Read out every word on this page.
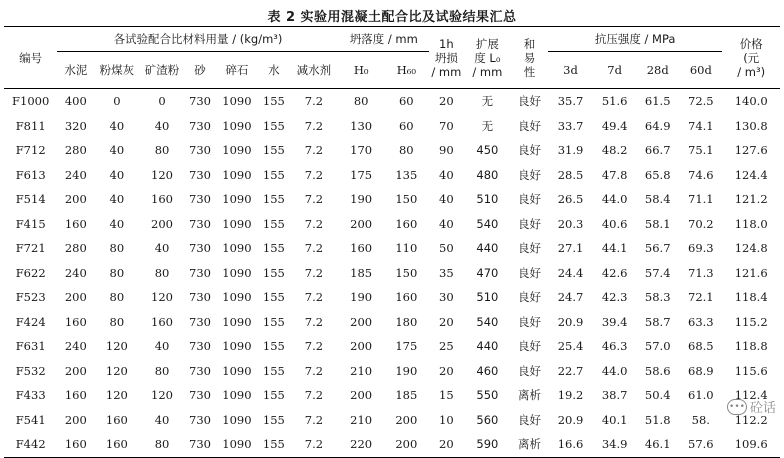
表 2 实验用混凝土配合比及试验结果汇总
编号	各试验配合比材料用量 / (kg/m³)							坍落度 / mm		1h
坍损
/ mm	扩展
度 L₀
/ mm	和
易
性	抗压强度 / MPa				价格
(元
/ m³)
	水泥	粉煤灰	矿渣粉	砂	碎石	水	减水剂	H₀	H₆₀				3d	7d	28d	60d	
F1000	400	0	0	730	1090	155	7.2	80	60	20	无	良好	35.7	51.6	61.5	72.5	140.0
F811	320	40	40	730	1090	155	7.2	130	60	70	无	良好	33.7	49.4	64.9	74.1	130.8
F712	280	40	80	730	1090	155	7.2	170	80	90	450	良好	31.9	48.2	66.7	75.1	127.6
F613	240	40	120	730	1090	155	7.2	175	135	40	480	良好	28.5	47.8	65.8	74.6	124.4
F514	200	40	160	730	1090	155	7.2	190	150	40	510	良好	26.5	44.0	58.4	71.1	121.2
F415	160	40	200	730	1090	155	7.2	200	160	40	540	良好	20.3	40.6	58.1	70.2	118.0
F721	280	80	40	730	1090	155	7.2	160	110	50	440	良好	27.1	44.1	56.7	69.3	124.8
F622	240	80	80	730	1090	155	7.2	185	150	35	470	良好	24.4	42.6	57.4	71.3	121.6
F523	200	80	120	730	1090	155	7.2	190	160	30	510	良好	24.7	42.3	58.3	72.1	118.4
F424	160	80	160	730	1090	155	7.2	200	180	20	540	良好	20.9	39.4	58.7	63.3	115.2
F631	240	120	40	730	1090	155	7.2	200	175	25	440	良好	25.4	46.3	57.0	68.5	118.8
F532	200	120	80	730	1090	155	7.2	210	190	20	460	良好	22.7	44.0	58.6	68.9	115.6
F433	160	120	120	730	1090	155	7.2	200	185	15	550	离析	19.2	38.7	50.4	61.0	112.4
F541	200	160	40	730	1090	155	7.2	210	200	10	560	良好	20.9	40.1	51.8	58.	112.2
F442	160	160	80	730	1090	155	7.2	220	200	20	590	离析	16.6	34.9	46.1	57.6	109.6
••• 砼话
